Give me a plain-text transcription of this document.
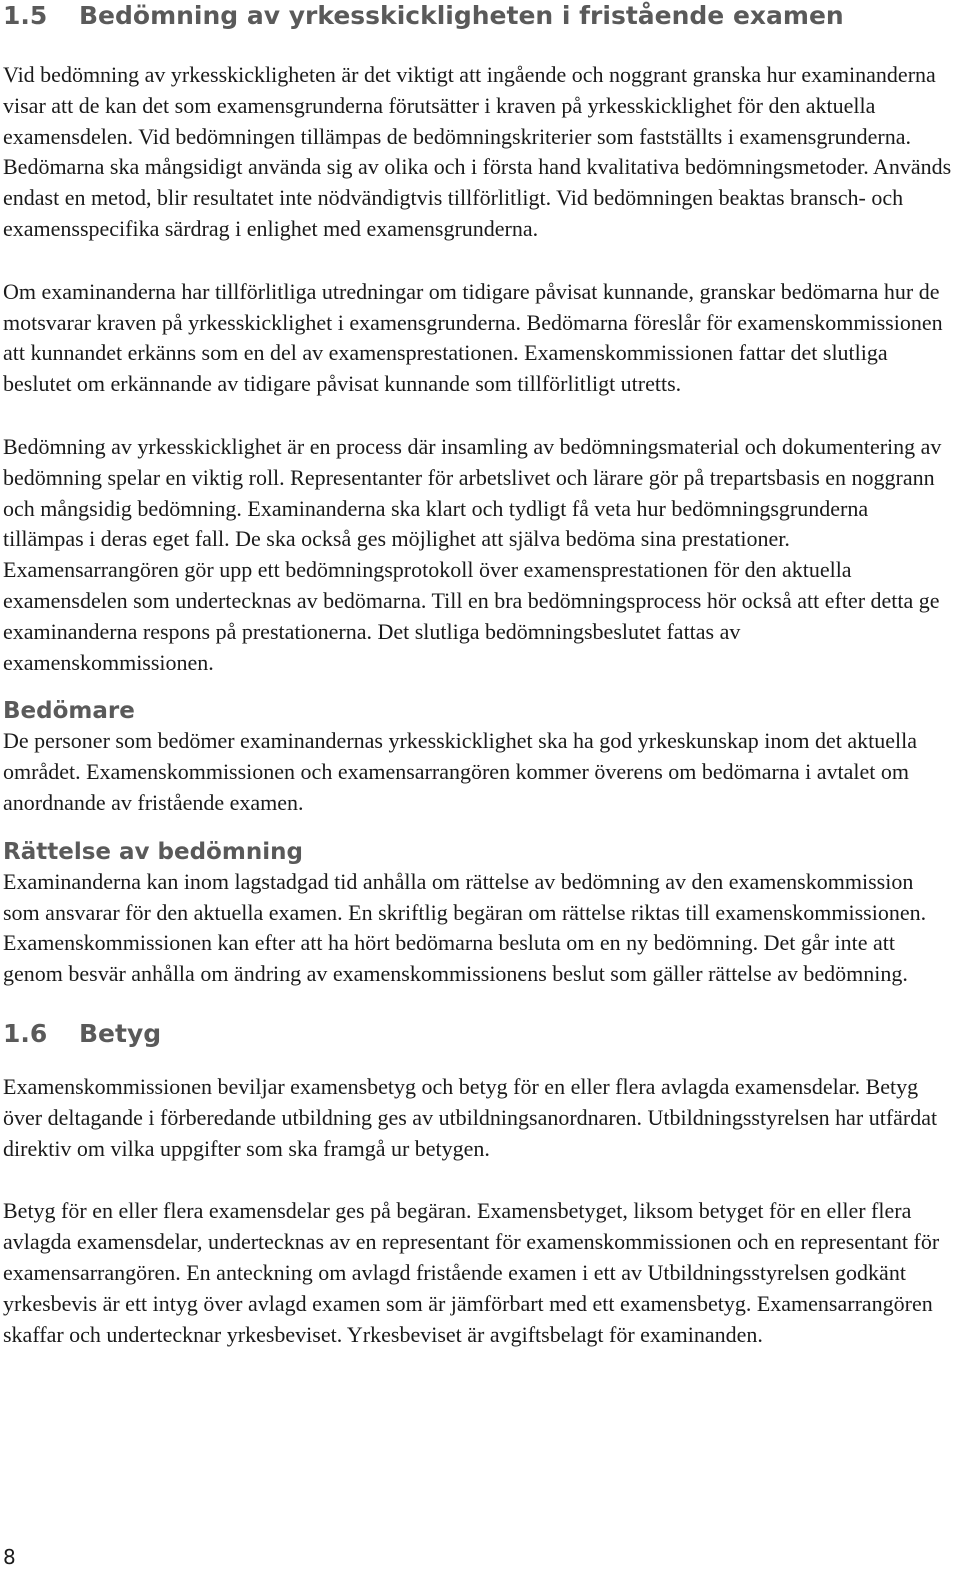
1.5	Bedömning av yrkesskickligheten i fristående examen

Vid bedömning av yrkesskickligheten är det viktigt att ingående och noggrant granska hur examinanderna visar att de kan det som examensgrunderna förutsätter i kraven på yrkesskicklighet för den aktuella examensdelen. Vid bedömningen tillämpas de bedömningskriterier som fastställts i examensgrunderna. Bedömarna ska mångsidigt använda sig av olika och i första hand kvalitativa bedömningsmetoder. Används endast en metod, blir resultatet inte nödvändigtvis tillförlitligt. Vid bedömningen beaktas bransch- och examensspecifika särdrag i enlighet med examensgrunderna.

Om examinanderna har tillförlitliga utredningar om tidigare påvisat kunnande, granskar bedömarna hur de motsvarar kraven på yrkesskicklighet i examensgrunderna. Bedömarna föreslår för examenskommissionen att kunnandet erkänns som en del av examensprestationen. Examenskommissionen fattar det slutliga beslutet om erkännande av tidigare påvisat kunnande som tillförlitligt utretts.

Bedömning av yrkesskicklighet är en process där insamling av bedömningsmaterial och dokumentering av bedömning spelar en viktig roll. Representanter för arbetslivet och lärare gör på trepartsbasis en noggrann och mångsidig bedömning. Examinanderna ska klart och tydligt få veta hur bedömningsgrunderna tillämpas i deras eget fall. De ska också ges möjlighet att själva bedöma sina prestationer. Examensarrangören gör upp ett bedömningsprotokoll över examensprestationen för den aktuella examensdelen som undertecknas av bedömarna. Till en bra bedömningsprocess hör också att efter detta ge examinanderna respons på prestationerna. Det slutliga bedömningsbeslutet fattas av examenskommissionen.

Bedömare

De personer som bedömer examinandernas yrkesskicklighet ska ha god yrkeskunskap inom det aktuella området. Examenskommissionen och examensarrangören kommer överens om bedömarna i avtalet om anordnande av fristående examen.

Rättelse av bedömning

Examinanderna kan inom lagstadgad tid anhålla om rättelse av bedömning av den examenskommission som ansvarar för den aktuella examen. En skriftlig begäran om rättelse riktas till examenskommissionen. Examenskommissionen kan efter att ha hört bedömarna besluta om en ny bedömning. Det går inte att genom besvär anhålla om ändring av examenskommissionens beslut som gäller rättelse av bedömning.

1.6	Betyg

Examenskommissionen beviljar examensbetyg och betyg för en eller flera avlagda examensdelar. Betyg över deltagande i förberedande utbildning ges av utbildningsanordnaren. Utbildningsstyrelsen har utfärdat direktiv om vilka uppgifter som ska framgå ur betygen.

Betyg för en eller flera examensdelar ges på begäran. Examensbetyget, liksom betyget för en eller flera avlagda examensdelar, undertecknas av en representant för examenskommissionen och en representant för examensarrangören. En anteckning om avlagd fristående examen i ett av Utbildningsstyrelsen godkänt yrkesbevis är ett intyg över avlagd examen som är jämförbart med ett examensbetyg. Examensarrangören skaffar och undertecknar yrkesbeviset. Yrkesbeviset är avgiftsbelagt för examinanden.

8
